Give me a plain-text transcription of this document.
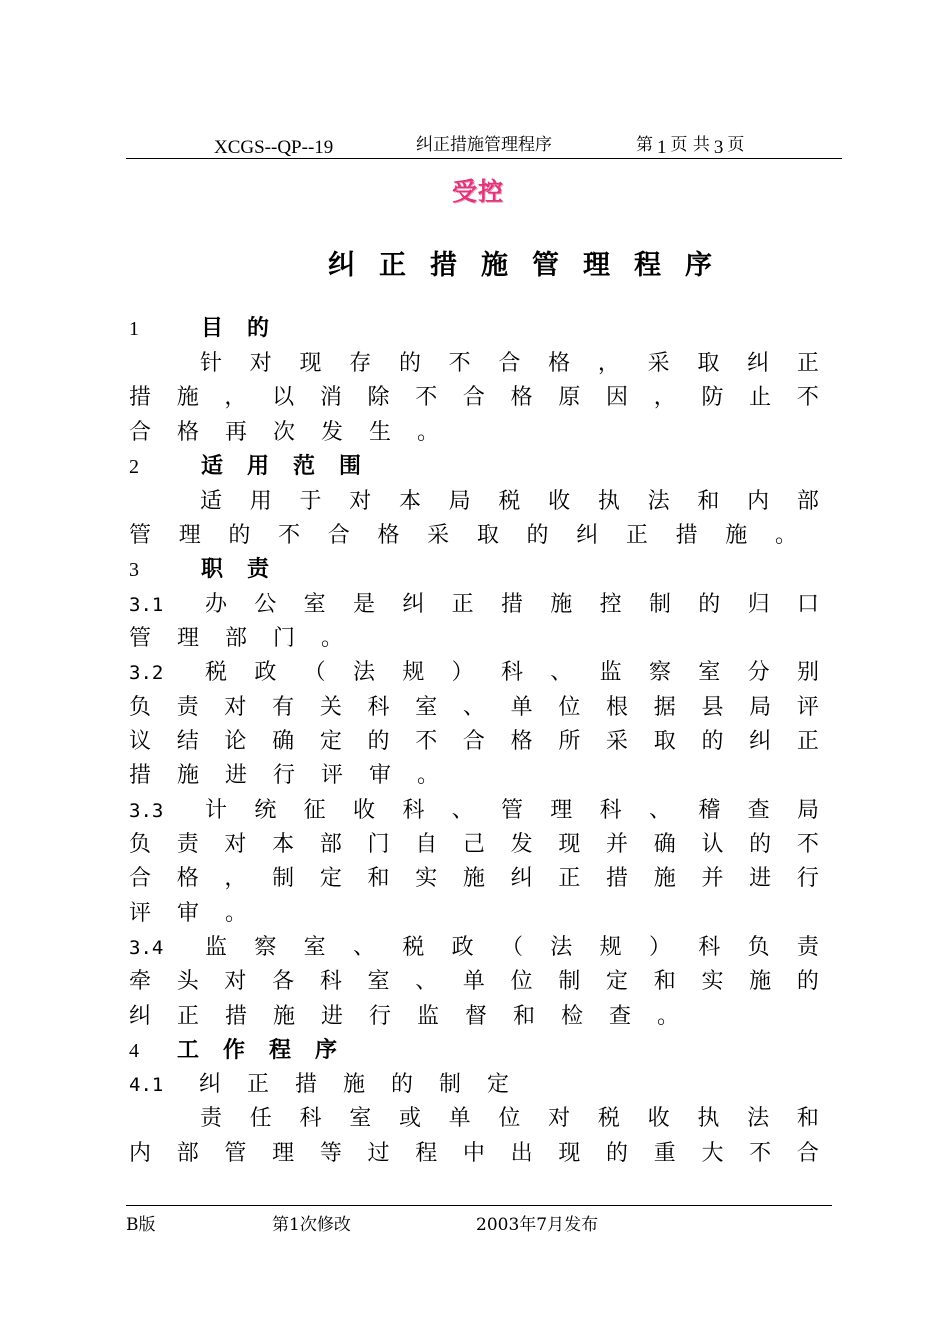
XCGS--QP--19	纠正措施管理程序	第 1 页 共 3 页
受控
纠正措施管理程序
1	目的
针 对 现 存 的 不 合 格 ， 采 取 纠 正
措 施 ， 以 消 除 不 合 格 原 因 ， 防 止 不
合格再次发生。
2	适用范围
适 用 于 对 本 局 税 收 执 法 和 内 部
管 理 的 不 合 格 采 取 的 纠 正 措 施 。
3	职责
3.1 办 公 室 是 纠 正 措 施 控 制 的 归 口
管理部门。
3.2 税 政 （ 法 规 ） 科 、 监 察 室 分 别
负 责 对 有 关 科 室 、 单 位 根 据 县 局 评
议 结 论 确 定 的 不 合 格 所 采 取 的 纠 正
措施进行评审。
3.3 计 统 征 收 科 、 管 理 科 、 稽 查 局
负 责 对 本 部 门 自 己 发 现 并 确 认 的 不
合 格 ， 制 定 和 实 施 纠 正 措 施 并 进 行
评审。
3.4 监 察 室 、 税 政 （ 法 规 ） 科 负 责
牵 头 对 各 科 室 、 单 位 制 定 和 实 施 的
纠正措施进行监督和检查。
4 工作程序
4.1 纠正措施的制定
责 任 科 室 或 单 位 对 税 收 执 法 和
内 部 管 理 等 过 程 中 出 现 的 重 大 不 合
B版	第1次修改	2003年7月发布
